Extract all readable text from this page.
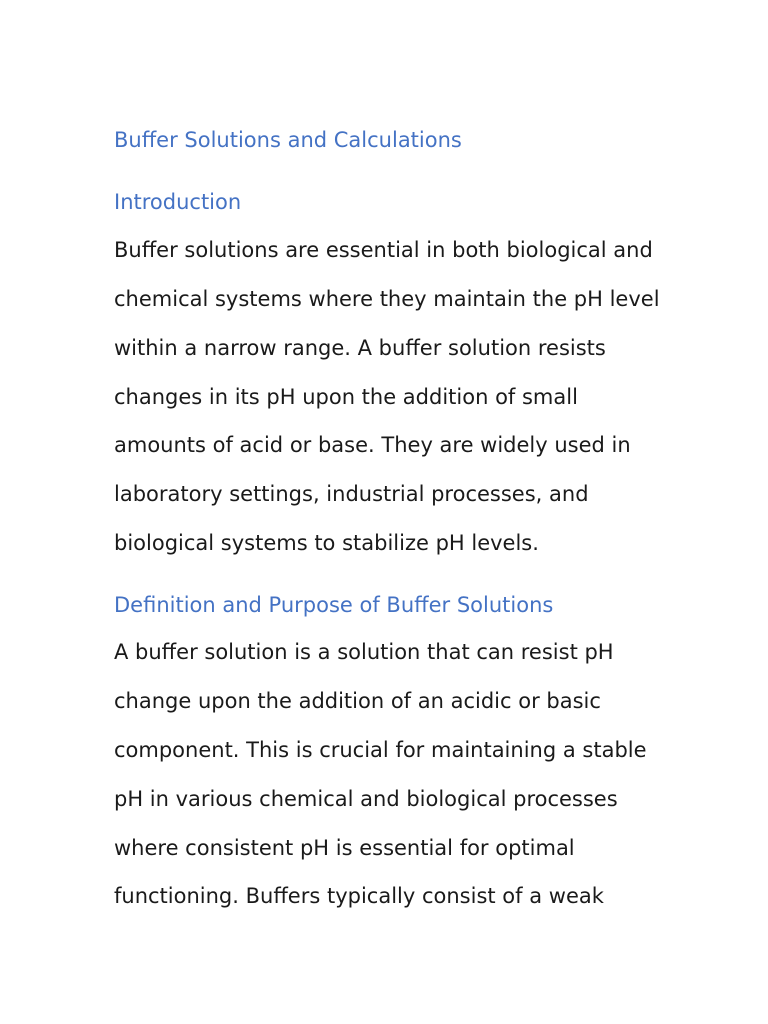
Buffer Solutions and Calculations
Introduction

Buffer solutions are essential in both biological and

chemical systems where they maintain the pH level

within a narrow range. A buffer solution resists

changes in its pH upon the addition of small

amounts of acid or base. They are widely used in

laboratory settings, industrial processes, and

biological systems to stabilize pH levels.

Definition and Purpose of Buffer Solutions

A buffer solution is a solution that can resist pH

change upon the addition of an acidic or basic

component. This is crucial for maintaining a stable

pH in various chemical and biological processes

where consistent pH is essential for optimal

functioning. Buffers typically consist of a weak
